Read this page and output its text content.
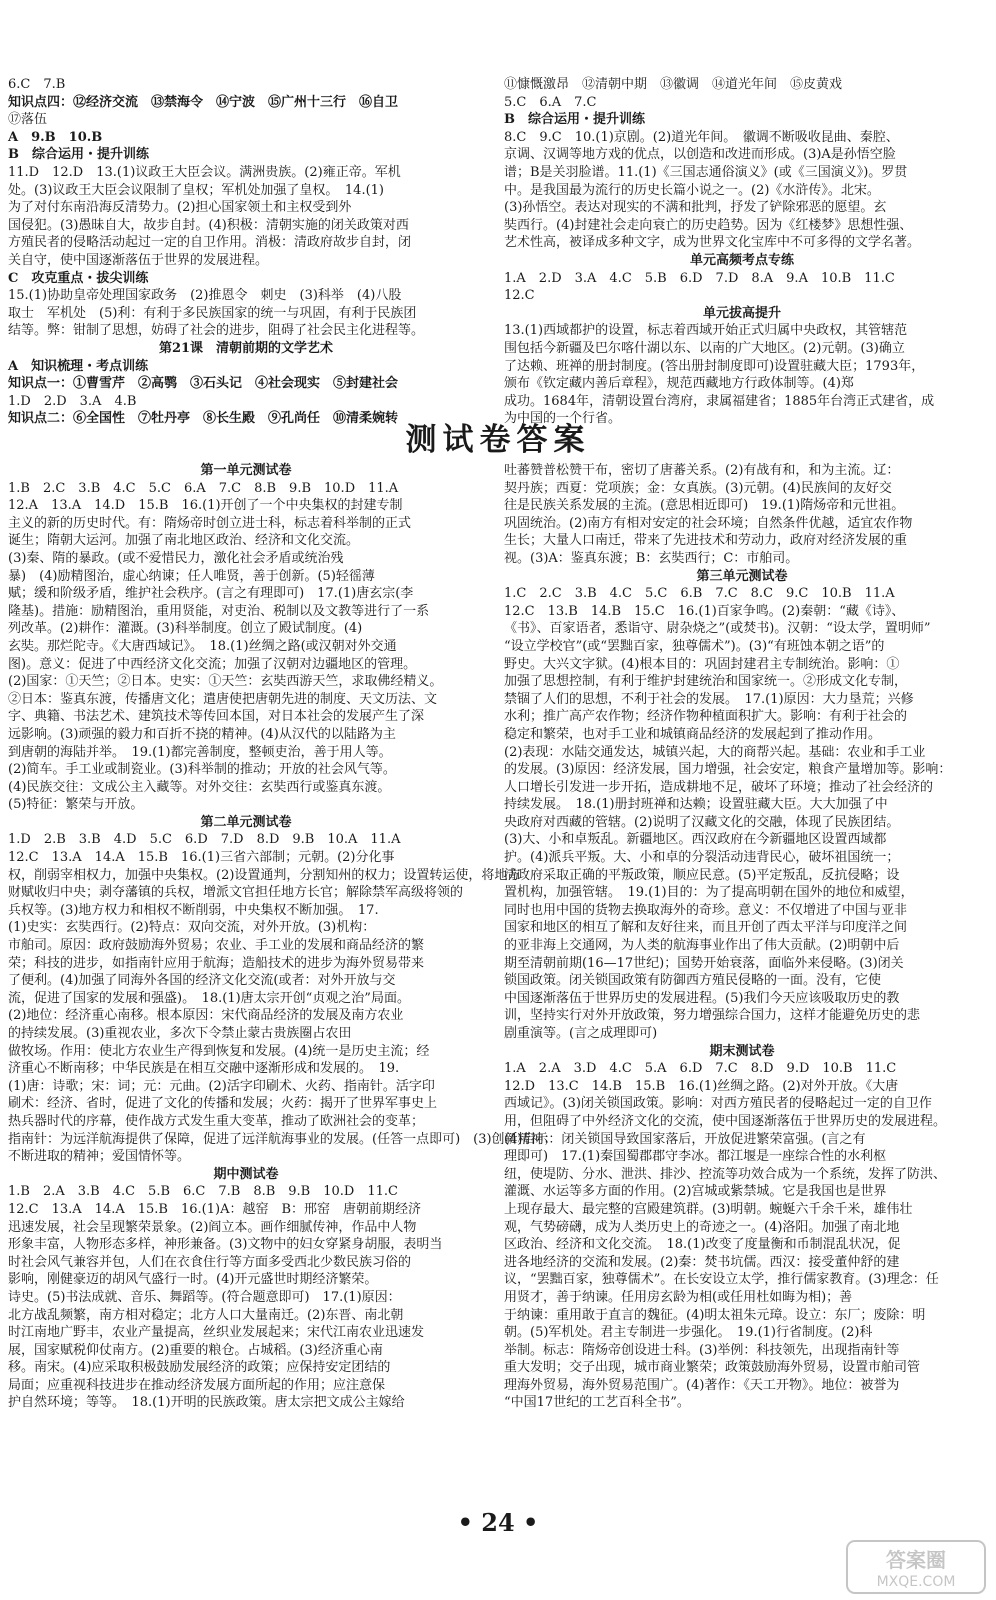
6.C　7.B
知识点四：⑫经济交流　⑬禁海令　⑭宁波　⑮广州十三行　⑯自卫
⑰落伍
A　9.B　10.B
B　综合运用・提升训练
11.D　12.D　13.(1)议政王大臣会议。满洲贵族。(2)雍正帝。军机
处。(3)议政王大臣会议限制了皇权；军机处加强了皇权。　14.(1)
为了对付东南沿海反清势力。(2)担心国家领土和主权受到外
国侵犯。(3)愚昧自大，故步自封。(4)积极：清朝实施的闭关政策对西
方殖民者的侵略活动起过一定的自卫作用。消极：清政府故步自封，闭
关自守，使中国逐渐落伍于世界的发展进程。
C　攻克重点・拔尖训练
15.(1)协助皇帝处理国家政务　(2)推恩令　刺史　(3)科举　(4)八股
取士　军机处　(5)利：有利于多民族国家的统一与巩固，有利于民族团
结等。弊：钳制了思想，妨碍了社会的进步，阻碍了社会民主化进程等。
第21课　清朝前期的文学艺术
A　知识梳理・考点训练
知识点一：①曹雪芹　②高鹗　③石头记　④社会现实　⑤封建社会
1.D　2.D　3.A　4.B
知识点二：⑥全国性　⑦牡丹亭　⑧长生殿　⑨孔尚任　⑩清柔婉转
⑪慷慨激昂　⑫清朝中期　⑬徽调　⑭道光年间　⑮皮黄戏
5.C　6.A　7.C
B　综合运用・提升训练
8.C　9.C　10.(1)京剧。(2)道光年间。　徽调不断吸收昆曲、秦腔、
京调、汉调等地方戏的优点，以创造和改进而形成。(3)A是孙悟空脸
谱；B是关羽脸谱。11.(1)《三国志通俗演义》(或《三国演义》)。罗贯
中。是我国最为流行的历史长篇小说之一。(2)《水浒传》。北宋。
(3)孙悟空。表达对现实的不满和批判，抒发了铲除邪恶的愿望。玄
奘西行。(4)封建社会走向衰亡的历史趋势。因为《红楼梦》思想性强、
艺术性高，被译成多种文字，成为世界文化宝库中不可多得的文学名著。
单元高频考点专练
1.A　2.D　3.A　4.C　5.B　6.D　7.D　8.A　9.A　10.B　11.C
12.C
单元拔高提升
13.(1)西域都护的设置，标志着西域开始正式归属中央政权，其管辖范
围包括今新疆及巴尔喀什湖以东、以南的广大地区。(2)元朝。(3)确立
了达赖、班禅的册封制度。(答出册封制度即可)设置驻藏大臣；1793年，
颁布《钦定藏内善后章程》，规范西藏地方行政体制等。(4)郑
成功。1684年，清朝设置台湾府，隶属福建省；1885年台湾正式建省，成
为中国的一个行省。
测试卷答案
第一单元测试卷
1.B　2.C　3.B　4.C　5.C　6.A　7.C　8.B　9.B　10.D　11.A
12.A　13.A　14.D　15.B　16.(1)开创了一个中央集权的封建专制
主义的新的历史时代。有：隋炀帝时创立进士科，标志着科举制的正式
诞生；隋朝大运河。加强了南北地区政治、经济和文化交流。
(3)秦、隋的暴政。(或不爱惜民力，激化社会矛盾或统治残
暴)　(4)励精图治，虚心纳谏；任人唯贤，善于创新。(5)轻徭薄
赋；缓和阶级矛盾，维护社会秩序。(言之有理即可)　17.(1)唐玄宗(李
隆基)。措施：励精图治，重用贤能，对吏治、税制以及文教等进行了一系
列改革。(2)耕作：灌溉。(3)科举制度。创立了殿试制度。(4)
玄奘。那烂陀寺。《大唐西域记》。　18.(1)丝绸之路(或汉朝对外交通
图)。意义：促进了中西经济文化交流；加强了汉朝对边疆地区的管理。
(2)国家：①天竺；②日本。史实：①天竺：玄奘西游天竺，求取佛经精义。
②日本：鉴真东渡，传播唐文化；遣唐使把唐朝先进的制度、天文历法、文
字、典籍、书法艺术、建筑技术等传回本国，对日本社会的发展产生了深
远影响。(3)顽强的毅力和百折不挠的精神。(4)从汉代的以陆路为主
到唐朝的海陆并举。　19.(1)都完善制度，整顿吏治，善于用人等。
(2)简车。手工业或制瓷业。(3)科举制的推动；开放的社会风气等。
(4)民族交往：文成公主入藏等。对外交往：玄奘西行或鉴真东渡。
(5)特征：繁荣与开放。
第二单元测试卷
1.D　2.B　3.B　4.D　5.C　6.D　7.D　8.D　9.B　10.A　11.A
12.C　13.A　14.A　15.B　16.(1)三省六部制；元朝。(2)分化事
权，削弱宰相权力，加强中央集权。(2)设置通判，分割知州的权力；设置转运使，将地方
财赋收归中央；剥夺藩镇的兵权，增派文官担任地方长官；解除禁军高级将领的
兵权等。(3)地方权力和相权不断削弱，中央集权不断加强。　17.
(1)史实：玄奘西行。(2)特点：双向交流，对外开放。(3)机构：
市舶司。原因：政府鼓励海外贸易；农业、手工业的发展和商品经济的繁
荣；科技的进步，如指南针应用于航海；造船技术的进步为海外贸易带来
了便利。(4)加强了同海外各国的经济文化交流(或者：对外开放与交
流，促进了国家的发展和强盛)。　18.(1)唐太宗开创“贞观之治”局面。
(2)地位：经济重心南移。根本原因：宋代商品经济的发展及南方农业
的持续发展。(3)重视农业，多次下令禁止蒙古贵族圈占农田
做牧场。作用：使北方农业生产得到恢复和发展。(4)统一是历史主流；经
济重心不断南移；中华民族是在相互交融中逐渐形成和发展的。　19.
(1)唐：诗歌；宋：词；元：元曲。(2)活字印刷术、火药、指南针。活字印
刷术：经济、省时，促进了文化的传播和发展；火药：揭开了世界军事史上
热兵器时代的序幕，使作战方式发生重大变革，推动了欧洲社会的变革；
指南针：为远洋航海提供了保障，促进了远洋航海事业的发展。(任答一点即可)　(3)创新精神；
不断进取的精神；爱国情怀等。
期中测试卷
1.B　2.A　3.B　4.C　5.B　6.C　7.B　8.B　9.B　10.D　11.C
12.C　13.A　14.A　15.B　16.(1)A：越窑　B：邢窑　唐朝前期经济
迅速发展，社会呈现繁荣景象。(2)阎立本。画作细腻传神，作品中人物
形象丰富，人物形态多样，神形兼备。(3)文物中的妇女穿紧身胡服，表明当
时社会风气兼容并包，人们在衣食住行等方面多受西北少数民族习俗的
影响，刚健豪迈的胡风气盛行一时。(4)开元盛世时期经济繁荣。
诗史。(5)书法成就、音乐、舞蹈等。(符合题意即可)　17.(1)原因：
北方战乱频繁，南方相对稳定；北方人口大量南迁。(2)东晋、南北朝
时江南地广野丰，农业产量提高，丝织业发展起来；宋代江南农业迅速发
展，国家赋税仰仗南方。(2)重要的粮仓。占城稻。(3)经济重心南
移。南宋。(4)应采取积极鼓励发展经济的政策；应保持安定团结的
局面；应重视科技进步在推动经济发展方面所起的作用；应注意保
护自然环境；等等。　18.(1)开明的民族政策。唐太宗把文成公主嫁给
吐蕃赞普松赞干布，密切了唐蕃关系。(2)有战有和，和为主流。辽：
契丹族；西夏：党项族；金：女真族。(3)元朝。(4)民族间的友好交
往是民族关系发展的主流。(意思相近即可)　19.(1)隋炀帝和元世祖。
巩固统治。(2)南方有相对安定的社会环境；自然条件优越，适宜农作物
生长；大量人口南迁，带来了先进技术和劳动力，政府对经济发展的重
视。(3)A：鉴真东渡；B：玄奘西行；C：市舶司。
第三单元测试卷
1.C　2.C　3.B　4.C　5.C　6.B　7.C　8.C　9.C　10.B　11.A
12.C　13.B　14.B　15.C　16.(1)百家争鸣。(2)秦朝：“藏《诗》、
《书》、百家语者，悉诣守、尉杂烧之”(或焚书)。汉朝：“设太学，置明师”
“设立学校官”(或“罢黜百家，独尊儒术”)。(3)“有班蚀本朝之语”的
野史。大兴文字狱。(4)根本目的：巩固封建君主专制统治。影响：①
加强了思想控制，有利于维护封建统治和国家统一。②形成文化专制，
禁锢了人们的思想，不利于社会的发展。　17.(1)原因：大力垦荒；兴修
水利；推广高产农作物；经济作物种植面积扩大。影响：有利于社会的
稳定和繁荣，也对手工业和城镇商品经济的发展起到了推动作用。
(2)表现：水陆交通发达，城镇兴起，大的商帮兴起。基础：农业和手工业
的发展。(3)原因：经济发展，国力增强，社会安定，粮食产量增加等。影响：
人口增长引发进一步开拓，造成耕地不足，破坏了环境；推动了社会经济的
持续发展。　18.(1)册封班禅和达赖；设置驻藏大臣。大大加强了中
央政府对西藏的管辖。(2)说明了汉藏文化的交融，体现了民族团结。
(3)大、小和卓叛乱。新疆地区。西汉政府在今新疆地区设置西域都
护。(4)派兵平叛。大、小和卓的分裂活动违背民心，破坏祖国统一；
清政府采取正确的平叛政策，顺应民意。(5)平定叛乱，反抗侵略；设
置机构，加强管辖。　19.(1)目的：为了提高明朝在国外的地位和威望，
同时也用中国的货物去换取海外的奇珍。意义：不仅增进了中国与亚非
国家和地区的相互了解和友好往来，而且开创了西太平洋与印度洋之间
的亚非海上交通网，为人类的航海事业作出了伟大贡献。(2)明朝中后
期至清朝前期(16—17世纪)；国势开始衰落，面临外来侵略。(3)闭关
锁国政策。闭关锁国政策有防御西方殖民侵略的一面。没有，它使
中国逐渐落伍于世界历史的发展进程。(5)我们今天应该吸取历史的教
训，坚持实行对外开放政策，努力增强综合国力，这样才能避免历史的悲
剧重演等。(言之成理即可)
期末测试卷
1.A　2.A　3.D　4.C　5.A　6.D　7.C　8.D　9.D　10.B　11.C
12.D　13.C　14.B　15.B　16.(1)丝绸之路。(2)对外开放。《大唐
西域记》。(3)闭关锁国政策。影响：对西方殖民者的侵略起过一定的自卫作
用，但阻碍了中外经济文化的交流，使中国逐渐落伍于世界历史的发展进程。
(4)启示：闭关锁国导致国家落后，开放促进繁荣富强。(言之有
理即可)　17.(1)秦国蜀郡郡守李冰。都江堰是一座综合性的水利枢
纽，使堤防、分水、泄洪、排沙、控流等功效合成为一个系统，发挥了防洪、
灌溉、水运等多方面的作用。(2)宫城或紫禁城。它是我国也是世界
上现存最大、最完整的宫殿建筑群。(3)明朝。蜿蜒六千余千米，雄伟壮
观，气势磅礴，成为人类历史上的奇迹之一。(4)洛阳。加强了南北地
区政治、经济和文化交流。　18.(1)改变了度量衡和币制混乱状况，促
进各地经济的交流和发展。(2)秦：焚书坑儒。西汉：接受董仲舒的建
议，“罢黜百家，独尊儒术”。在长安设立太学，推行儒家教育。(3)理念：任
用贤才，善于纳谏。任用房玄龄为相(或任用杜如晦为相)；善
于纳谏：重用敢于直言的魏征。(4)明太祖朱元璋。设立：东厂；废除：明
朝。(5)军机处。君主专制进一步强化。　19.(1)行省制度。(2)科
举制。标志：隋炀帝创设进士科。(3)举例：科技领先，出现指南针等
重大发明；交子出现，城市商业繁荣；政策鼓励海外贸易，设置市舶司管
理海外贸易，海外贸易范围广。(4)著作：《天工开物》。地位：被誉为
“中国17世纪的工艺百科全书”。
• 24 •
答案圈
MXQE.COM
